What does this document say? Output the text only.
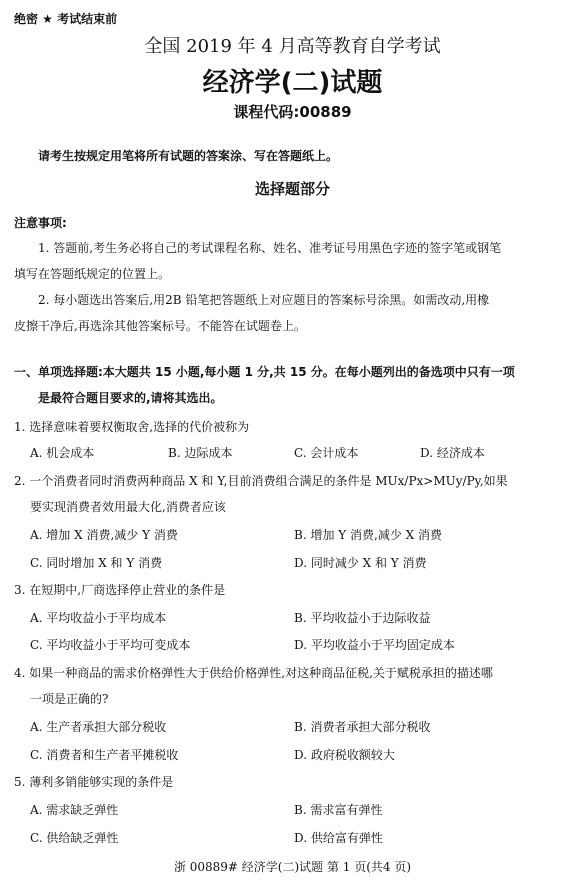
绝密 ★ 考试结束前
全国 2019 年 4 月高等教育自学考试
经济学(二)试题
课程代码:00889
请考生按规定用笔将所有试题的答案涂、写在答题纸上。
选择题部分
注意事项:
1. 答题前,考生务必将自己的考试课程名称、姓名、准考证号用黑色字迹的签字笔或钢笔
填写在答题纸规定的位置上。
2. 每小题选出答案后,用2B 铅笔把答题纸上对应题目的答案标号涂黑。如需改动,用橡
皮擦干净后,再选涂其他答案标号。不能答在试题卷上。
一、单项选择题:本大题共 15 小题,每小题 1 分,共 15 分。在每小题列出的备选项中只有一项
是最符合题目要求的,请将其选出。
1. 选择意味着要权衡取舍,选择的代价被称为
A. 机会成本	B. 边际成本	C. 会计成本	D. 经济成本
2. 一个消费者同时消费两种商品 X 和 Y,目前消费组合满足的条件是 MUx/Px>MUy/Py,如果
要实现消费者效用最大化,消费者应该
A. 增加 X 消费,减少 Y 消费	B. 增加 Y 消费,减少 X 消费
C. 同时增加 X 和 Y 消费	D. 同时减少 X 和 Y 消费
3. 在短期中,厂商选择停止营业的条件是
A. 平均收益小于平均成本	B. 平均收益小于边际收益
C. 平均收益小于平均可变成本	D. 平均收益小于平均固定成本
4. 如果一种商品的需求价格弹性大于供给价格弹性,对这种商品征税,关于赋税承担的描述哪
一项是正确的?
A. 生产者承担大部分税收	B. 消费者承担大部分税收
C. 消费者和生产者平摊税收	D. 政府税收额较大
5. 薄利多销能够实现的条件是
A. 需求缺乏弹性	B. 需求富有弹性
C. 供给缺乏弹性	D. 供给富有弹性
浙 00889# 经济学(二)试题 第 1 页(共4 页)
